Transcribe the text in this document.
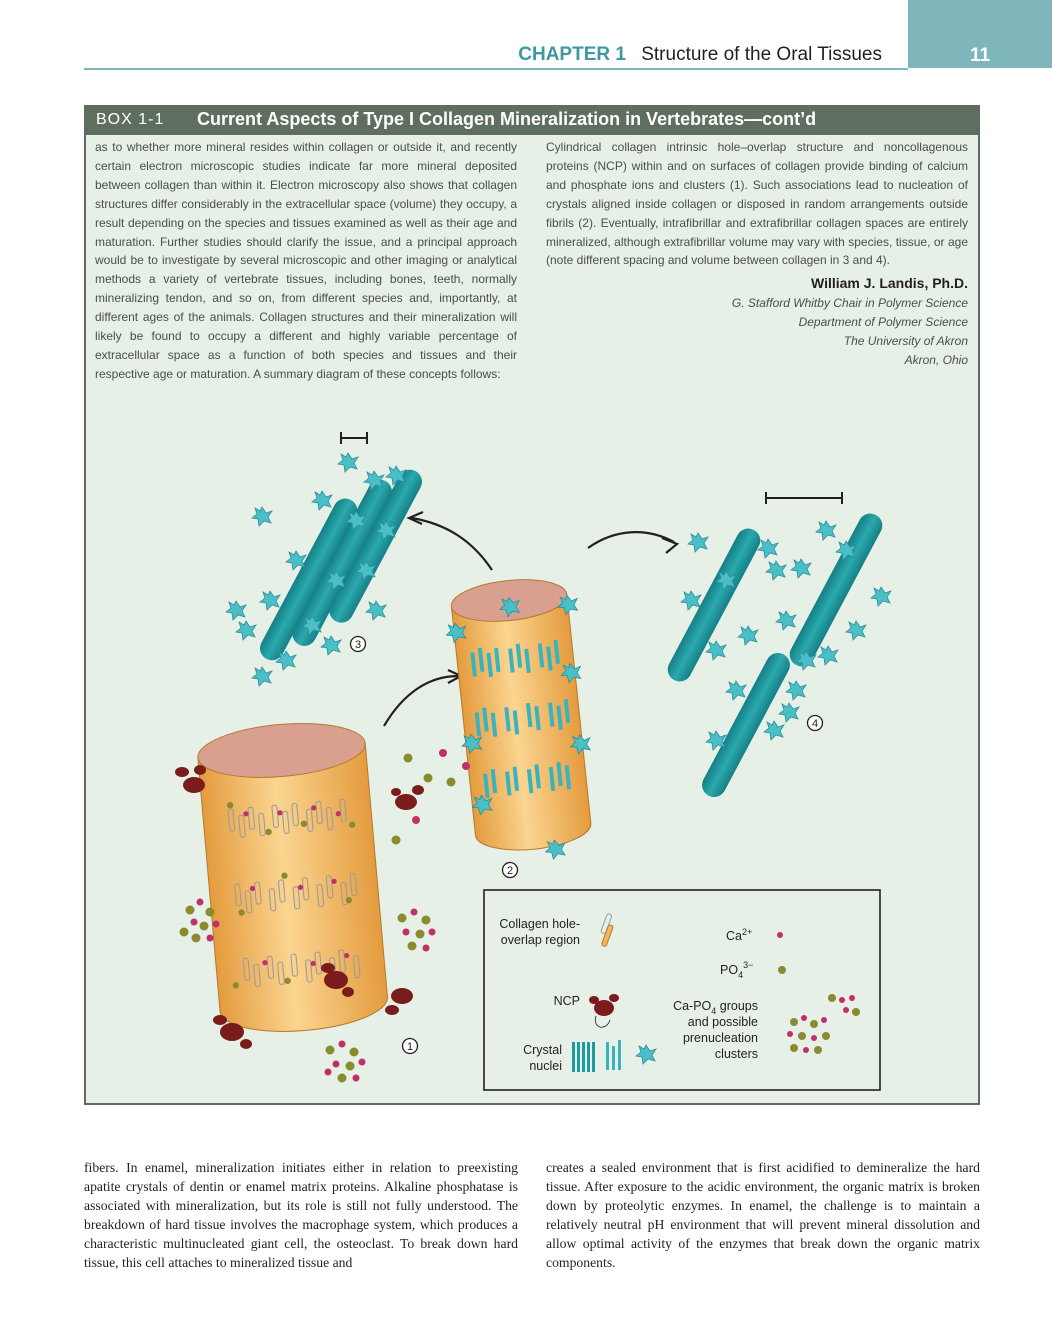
CHAPTER 1 Structure of the Oral Tissues	11
BOX 1-1 Current Aspects of Type I Collagen Mineralization in Vertebrates—cont’d
as to whether more mineral resides within collagen or outside it, and recently certain electron microscopic studies indicate far more mineral deposited between collagen than within it. Electron microscopy also shows that collagen structures differ considerably in the extracellular space (volume) they occupy, a result depending on the species and tissues examined as well as their age and maturation. Further studies should clarify the issue, and a principal approach would be to investigate by several microscopic and other imaging or analytical methods a variety of vertebrate tissues, including bones, teeth, normally mineralizing tendon, and so on, from different species and, importantly, at different ages of the animals. Collagen structures and their mineralization will likely be found to occupy a different and highly variable percentage of extracellular space as a function of both species and tissues and their respective age or maturation. A summary diagram of these concepts follows:
Cylindrical collagen intrinsic hole–overlap structure and noncollagenous proteins (NCP) within and on surfaces of collagen provide binding of calcium and phosphate ions and clusters (1). Such associations lead to nucleation of crystals aligned inside collagen or disposed in random arrangements outside fibrils (2). Eventually, intrafibrillar and extrafibrillar collagen spaces are entirely mineralized, although extrafibrillar volume may vary with species, tissue, or age (note different spacing and volume between collagen in 3 and 4).
William J. Landis, Ph.D.
G. Stafford Whitby Chair in Polymer Science
Department of Polymer Science
The University of Akron
Akron, Ohio
3
4
2
1
Collagen hole-
overlap region	$Ca^{2+}$
$PO_4^{3-}$
NCP	$Ca-PO_4$ groups
and possible
prenucleation
clusters
Crystal
nuclei
fibers. In enamel, mineralization initiates either in relation to preexisting apatite crystals of dentin or enamel matrix proteins. Alkaline phosphatase is associated with mineralization, but its role is still not fully understood. The breakdown of hard tissue involves the macrophage system, which produces a characteristic multinucleated giant cell, the osteoclast. To break down hard tissue, this cell attaches to mineralized tissue and
creates a sealed environment that is first acidified to demineralize the hard tissue. After exposure to the acidic environment, the organic matrix is broken down by proteolytic enzymes. In enamel, the challenge is to maintain a relatively neutral pH environment that will prevent mineral dissolution and allow optimal activity of the enzymes that break down the organic matrix components.
